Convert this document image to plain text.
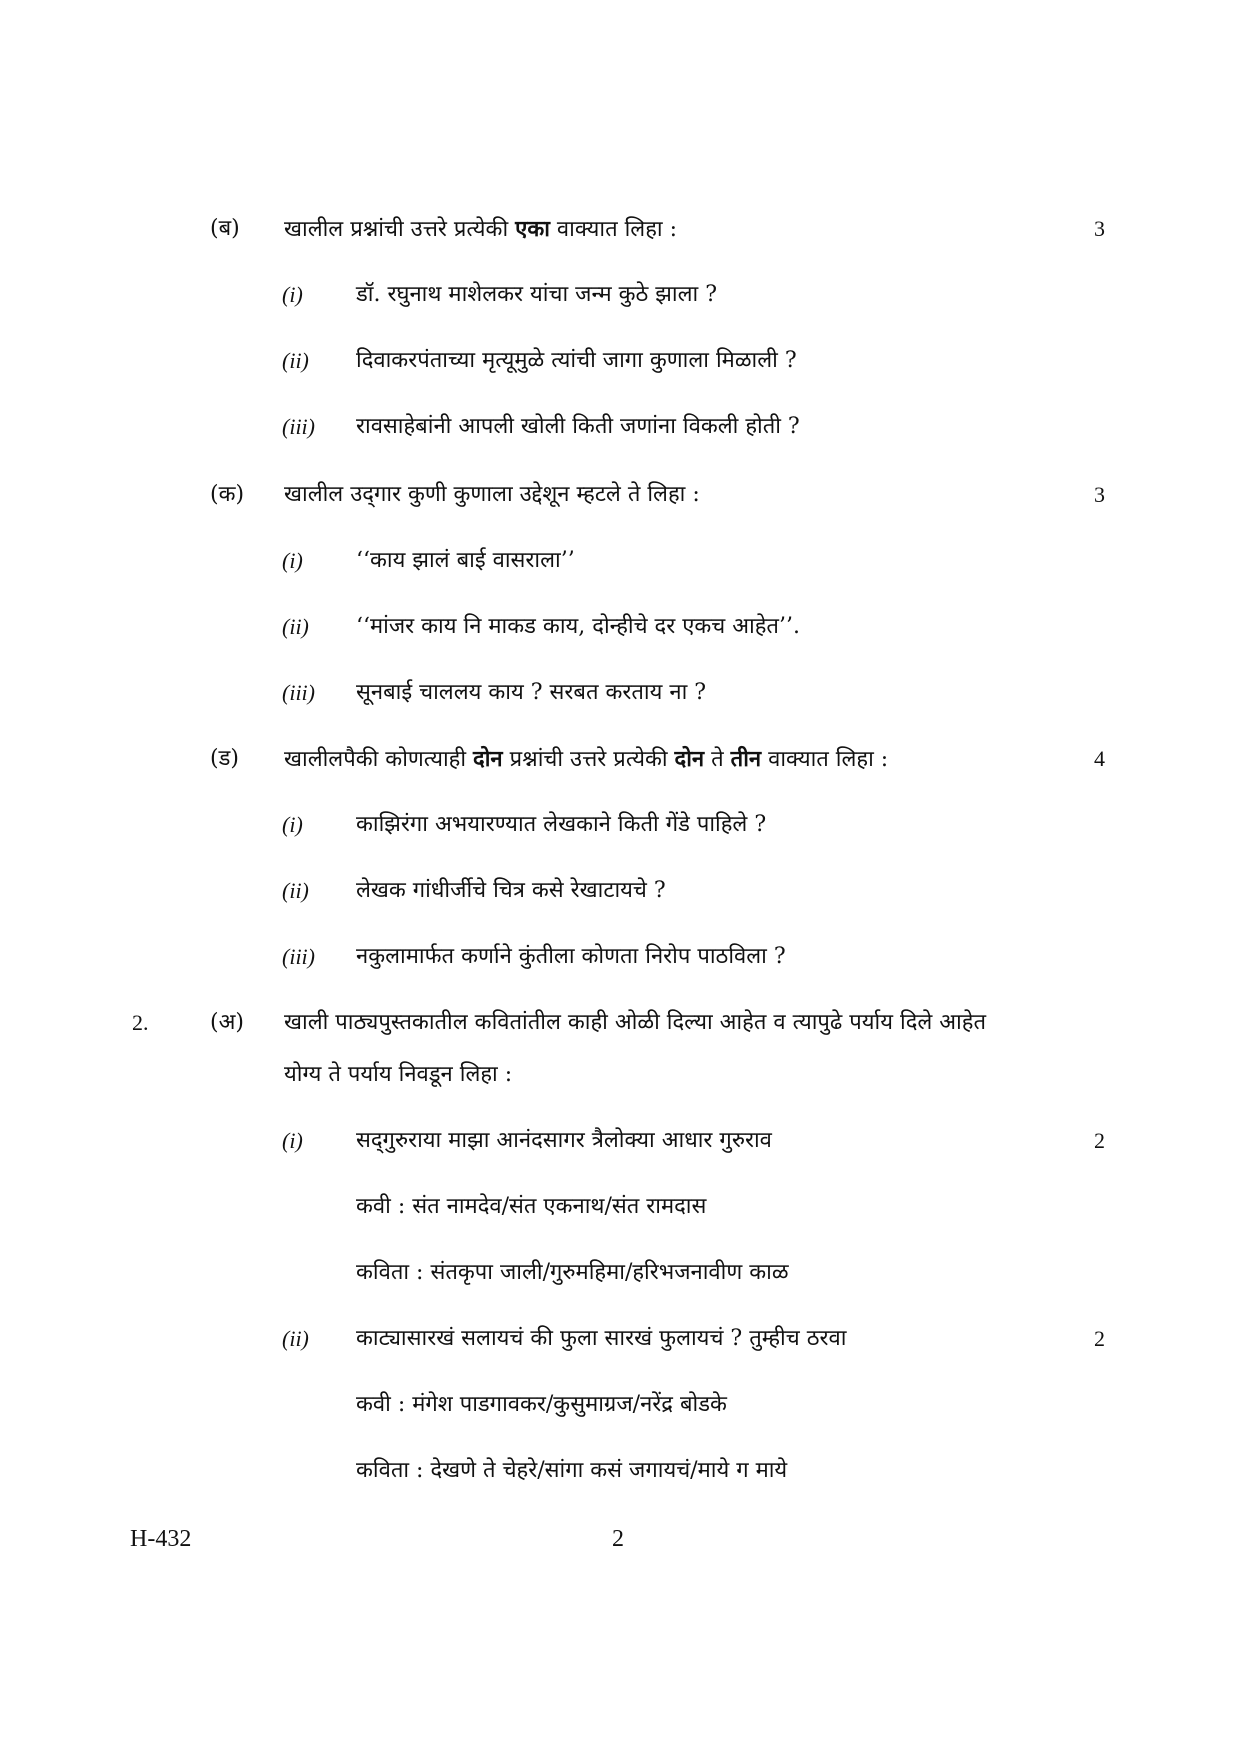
(ब) खालील प्रश्नांची उत्तरे प्रत्येकी एका वाक्यात लिहा :	3
(i) डॉ. रघुनाथ माशेलकर यांचा जन्म कुठे झाला ?
(ii) दिवाकरपंताच्या मृत्यूमुळे त्यांची जागा कुणाला मिळाली ?
(iii) रावसाहेबांनी आपली खोली किती जणांना विकली होती ?
(क) खालील उद्‌गार कुणी कुणाला उद्देशून म्हटले ते लिहा :	3
(i) ‘‘काय झालं बाई वासराला’’
(ii) ‘‘मांजर काय नि माकड काय, दोन्हीचे दर एकच आहेत’’.
(iii) सूनबाई चाललय काय ? सरबत करताय ना ?
(ड) खालीलपैकी कोणत्याही दोन प्रश्नांची उत्तरे प्रत्येकी दोन ते तीन वाक्यात लिहा :	4
(i) काझिरंगा अभयारण्यात लेखकाने किती गेंडे पाहिले ?
(ii) लेखक गांधीर्जीचे चित्र कसे रेखाटायचे ?
(iii) नकुलामार्फत कर्णाने कुंतीला कोणता निरोप पाठविला ?
2.	(अ) खाली पाठ्यपुस्तकातील कवितांतील काही ओळी दिल्या आहेत व त्यापुढे पर्याय दिले आहेत
योग्य ते पर्याय निवडून लिहा :
(i) सद्‌गुरुराया माझा आनंदसागर त्रैलोक्या आधार गुरुराव	2
कवी : संत नामदेव/संत एकनाथ/संत रामदास
कविता : संतकृपा जाली/गुरुमहिमा/हरिभजनावीण काळ
(ii) काट्यासारखं सलायचं की फुला सारखं फुलायचं ? तुम्हीच ठरवा	2
कवी : मंगेश पाडगावकर/कुसुमाग्रज/नरेंद्र बोडके
कविता : देखणे ते चेहरे/सांगा कसं जगायचं/माये ग माये
H-432	2
